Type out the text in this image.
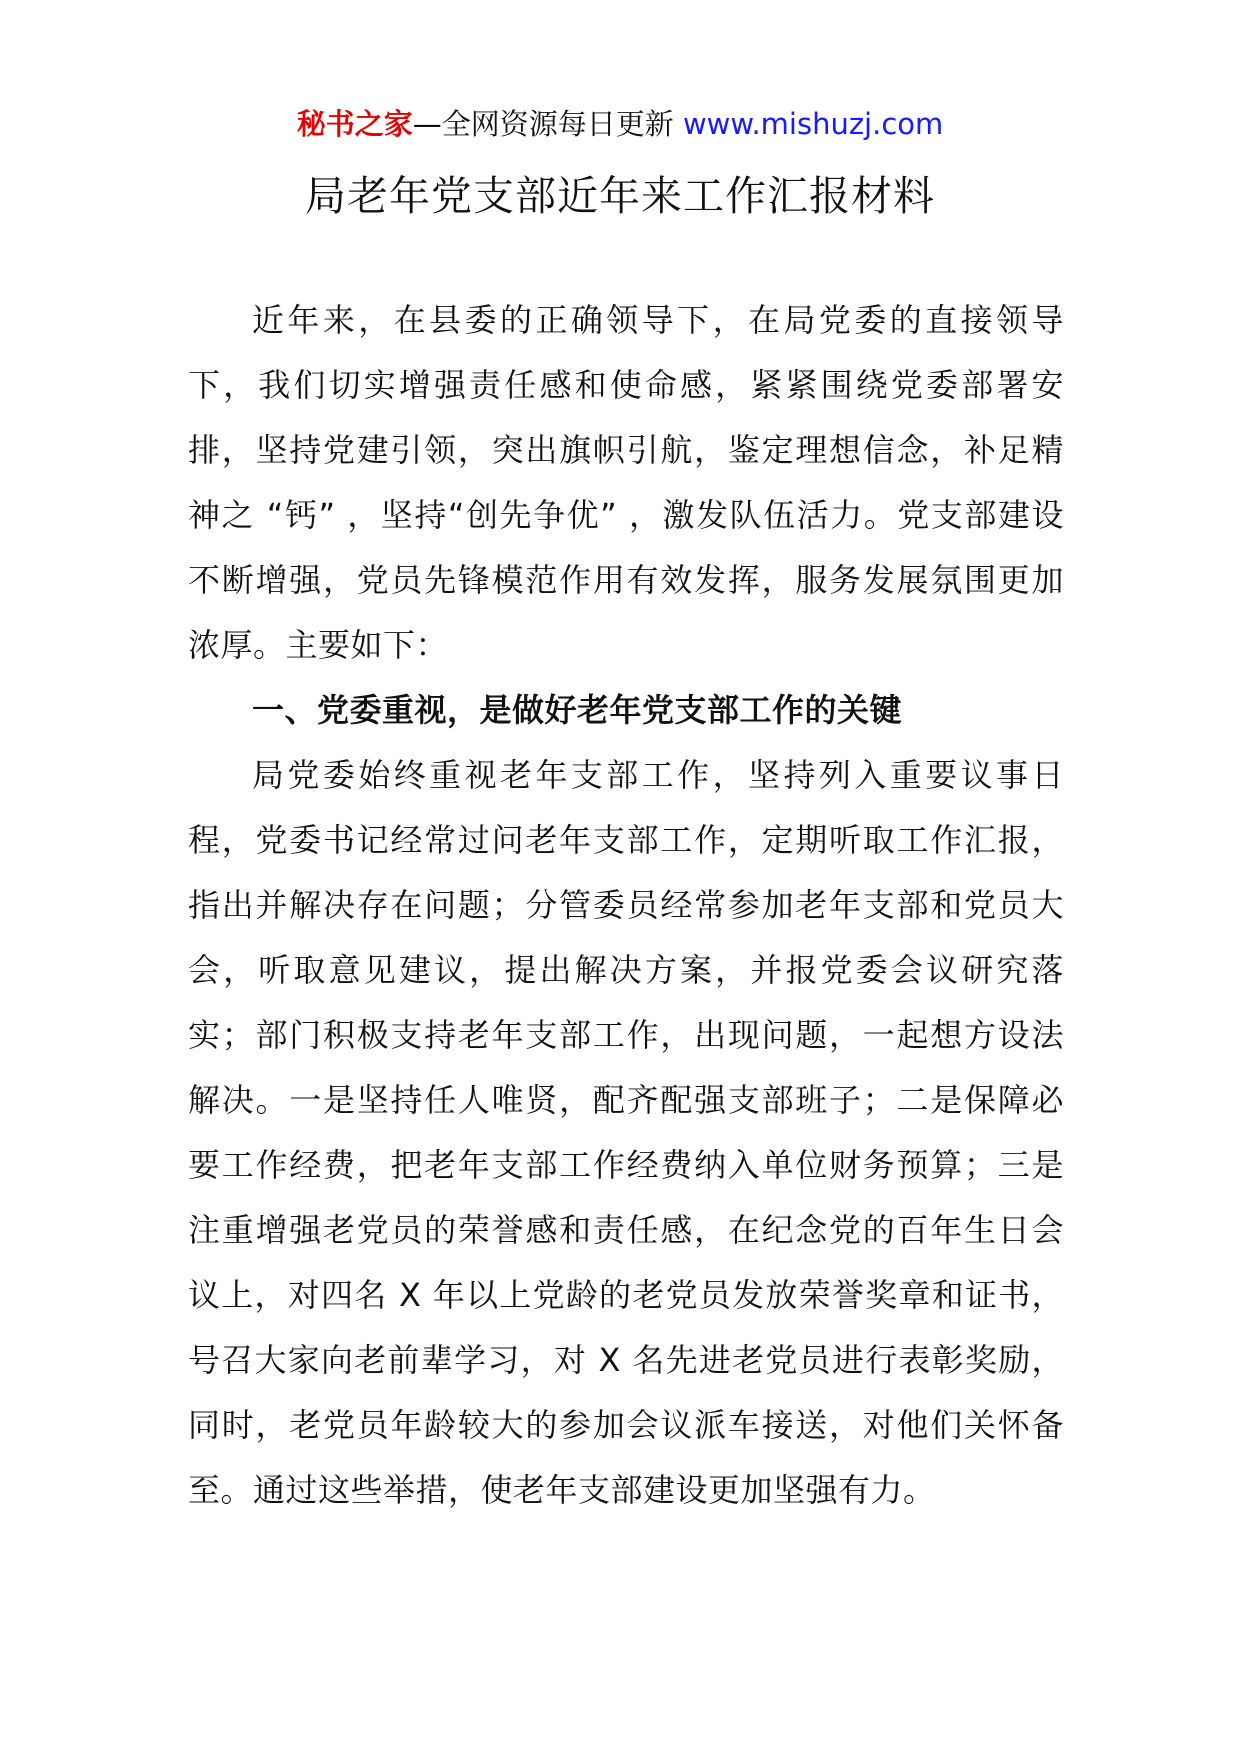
秘书之家—全网资源每日更新 www.mishuzj.com
局老年党支部近年来工作汇报材料

近年来，在县委的正确领导下，在局党委的直接领导下，我们切实增强责任感和使命感，紧紧围绕党委部署安排，坚持党建引领，突出旗帜引航，鉴定理想信念，补足精神之 “钙” ，坚持“创先争优” ，激发队伍活力。党支部建设不断增强，党员先锋模范作用有效发挥，服务发展氛围更加浓厚。主要如下：

一、党委重视，是做好老年党支部工作的关键

局党委始终重视老年支部工作，坚持列入重要议事日程，党委书记经常过问老年支部工作，定期听取工作汇报，指出并解决存在问题；分管委员经常参加老年支部和党员大会，听取意见建议，提出解决方案，并报党委会议研究落实；部门积极支持老年支部工作，出现问题，一起想方设法解决。一是坚持任人唯贤，配齐配强支部班子；二是保障必要工作经费，把老年支部工作经费纳入单位财务预算；三是注重增强老党员的荣誉感和责任感，在纪念党的百年生日会议上，对四名 X 年以上党龄的老党员发放荣誉奖章和证书，号召大家向老前辈学习，对 X 名先进老党员进行表彰奖励，同时，老党员年龄较大的参加会议派车接送，对他们关怀备至。通过这些举措，使老年支部建设更加坚强有力。
